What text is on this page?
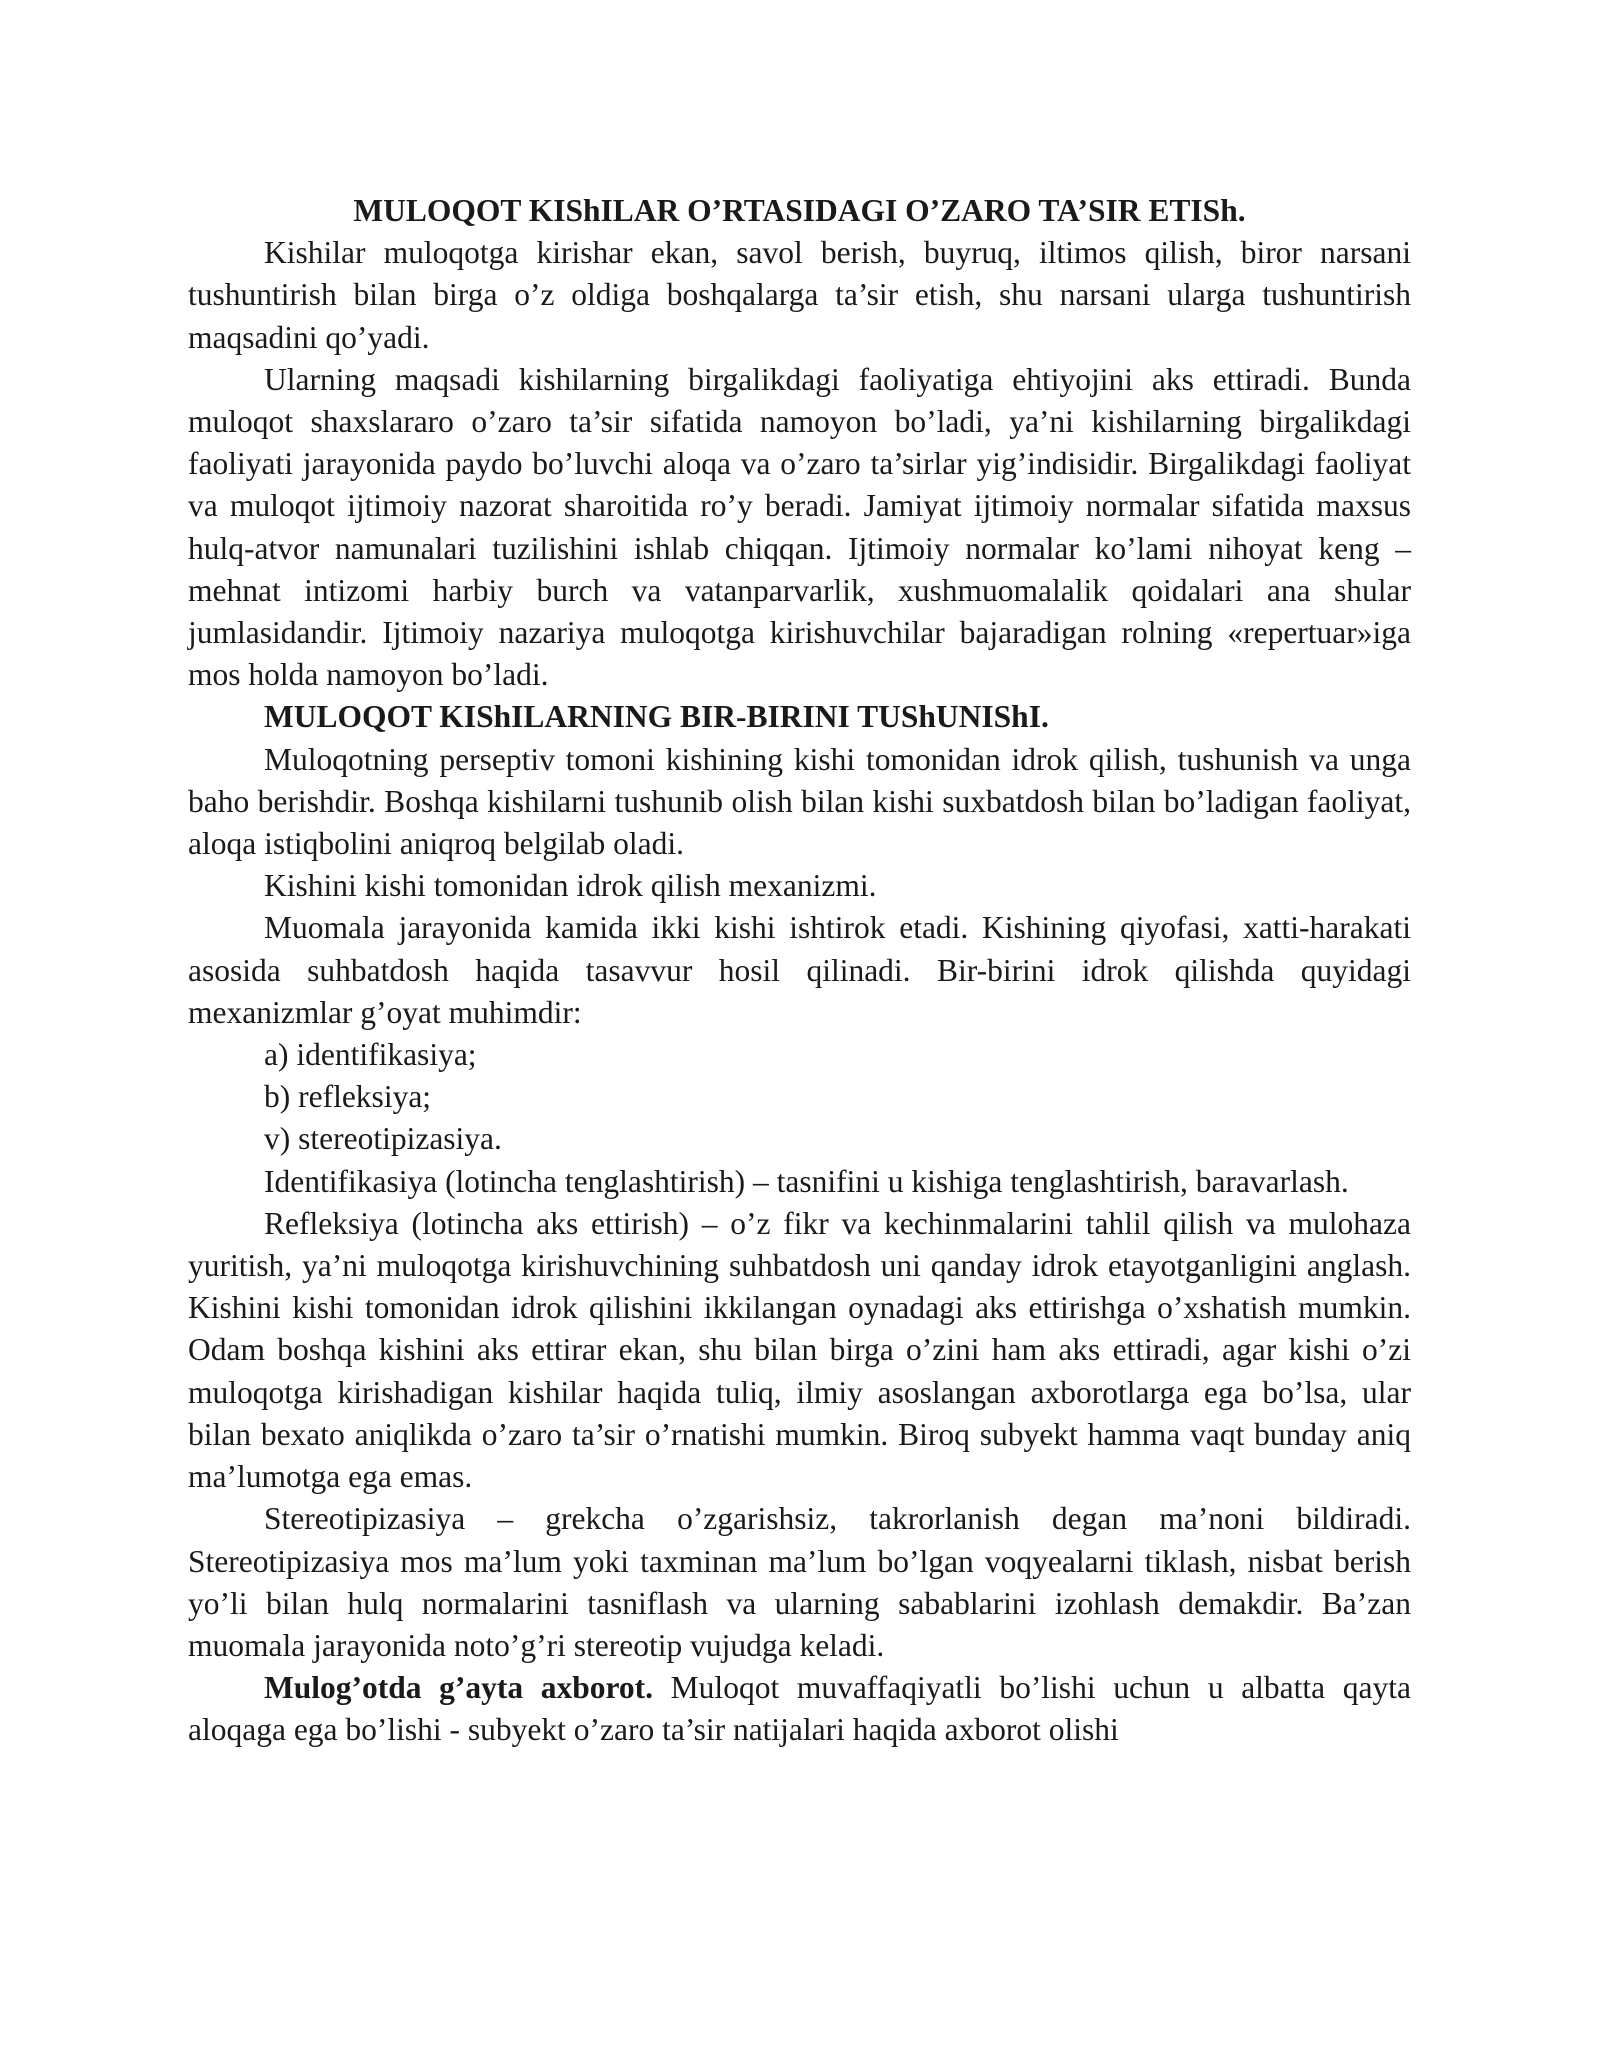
MULOQOT KIShILAR O’RTASIDAGI O’ZARO TA’SIR ETISh.

Kishilar muloqotga kirishar ekan, savol berish, buyruq, iltimos qilish, biror narsani tushuntirish bilan birga o’z oldiga boshqalarga ta’sir etish, shu narsani ularga tushuntirish maqsadini qo’yadi.

Ularning maqsadi kishilarning birgalikdagi faoliyatiga ehtiyojini aks ettiradi. Bunda muloqot shaxslararo o’zaro ta’sir sifatida namoyon bo’ladi, ya’ni kishilarning birgalikdagi faoliyati jarayonida paydo bo’luvchi aloqa va o’zaro ta’sirlar yig’indisidir. Birgalikdagi faoliyat va muloqot ijtimoiy nazorat sharoitida ro’y beradi. Jamiyat ijtimoiy normalar sifatida maxsus hulq-atvor namunalari tuzilishini ishlab chiqqan. Ijtimoiy normalar ko’lami nihoyat keng – mehnat intizomi harbiy burch va vatanparvarlik, xushmuomalalik qoidalari ana shular jumlasidandir. Ijtimoiy nazariya muloqotga kirishuvchilar bajaradigan rolning «repertuar»iga mos holda namoyon bo’ladi.

MULOQOT KIShILARNING BIR-BIRINI TUShUNIShI.

Muloqotning perseptiv tomoni kishining kishi tomonidan idrok qilish, tushunish va unga baho berishdir. Boshqa kishilarni tushunib olish bilan kishi suxbatdosh bilan bo’ladigan faoliyat, aloqa istiqbolini aniqroq belgilab oladi.

Kishini kishi tomonidan idrok qilish mexanizmi.

Muomala jarayonida kamida ikki kishi ishtirok etadi. Kishining qiyofasi, xatti-harakati asosida suhbatdosh haqida tasavvur hosil qilinadi. Bir-birini idrok qilishda quyidagi mexanizmlar g’oyat muhimdir:

a) identifikasiya;

b) refleksiya;

v) stereotipizasiya.

Identifikasiya (lotincha tenglashtirish) – tasnifini u kishiga tenglashtirish, baravarlash.

Refleksiya (lotincha aks ettirish) – o’z fikr va kechinmalarini tahlil qilish va mulohaza yuritish, ya’ni muloqotga kirishuvchining suhbatdosh uni qanday idrok etayotganligini anglash. Kishini kishi tomonidan idrok qilishini ikkilangan oynadagi aks ettirishga o’xshatish mumkin. Odam boshqa kishini aks ettirar ekan, shu bilan birga o’zini ham aks ettiradi, agar kishi o’zi muloqotga kirishadigan kishilar haqida tuliq, ilmiy asoslangan axborotlarga ega bo’lsa, ular bilan bexato aniqlikda o’zaro ta’sir o’rnatishi mumkin. Biroq subyekt hamma vaqt bunday aniq ma’lumotga ega emas.

Stereotipizasiya – grekcha o’zgarishsiz, takrorlanish degan ma’noni bildiradi. Stereotipizasiya mos ma’lum yoki taxminan ma’lum bo’lgan voqyealarni tiklash, nisbat berish yo’li bilan hulq normalarini tasniflash va ularning sabablarini izohlash demakdir. Ba’zan muomala jarayonida noto’g’ri stereotip vujudga keladi.

Mulog’otda g’ayta axborot. Muloqot muvaffaqiyatli bo’lishi uchun u albatta qayta aloqaga ega bo’lishi - subyekt o’zaro ta’sir natijalari haqida axborot olishi
